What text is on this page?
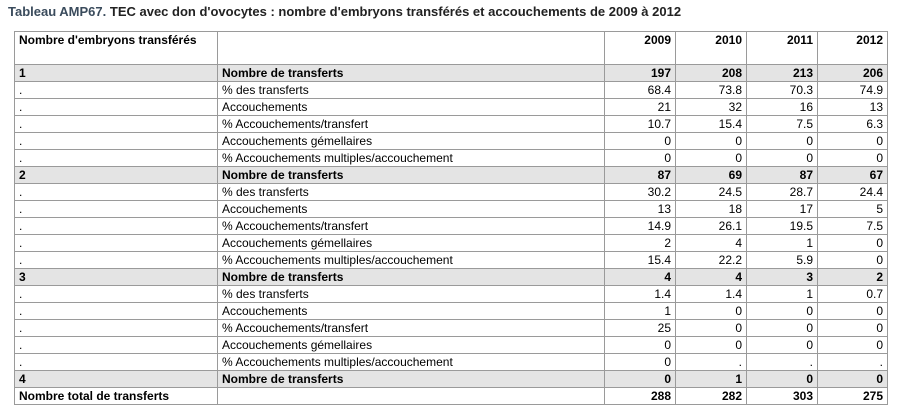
Tableau AMP67. TEC avec don d'ovocytes : nombre d'embryons transférés et accouchements de 2009 à 2012
Nombre d'embryons transférés		2009	2010	2011	2012
1	Nombre de transferts	197	208	213	206
.	% des transferts	68.4	73.8	70.3	74.9
.	Accouchements	21	32	16	13
.	% Accouchements/transfert	10.7	15.4	7.5	6.3
.	Accouchements gémellaires	0	0	0	0
.	% Accouchements multiples/accouchement	0	0	0	0
2	Nombre de transferts	87	69	87	67
.	% des transferts	30.2	24.5	28.7	24.4
.	Accouchements	13	18	17	5
.	% Accouchements/transfert	14.9	26.1	19.5	7.5
.	Accouchements gémellaires	2	4	1	0
.	% Accouchements multiples/accouchement	15.4	22.2	5.9	0
3	Nombre de transferts	4	4	3	2
.	% des transferts	1.4	1.4	1	0.7
.	Accouchements	1	0	0	0
.	% Accouchements/transfert	25	0	0	0
.	Accouchements gémellaires	0	0	0	0
.	% Accouchements multiples/accouchement	0	.	.	.
4	Nombre de transferts	0	1	0	0
Nombre total de transferts		288	282	303	275
